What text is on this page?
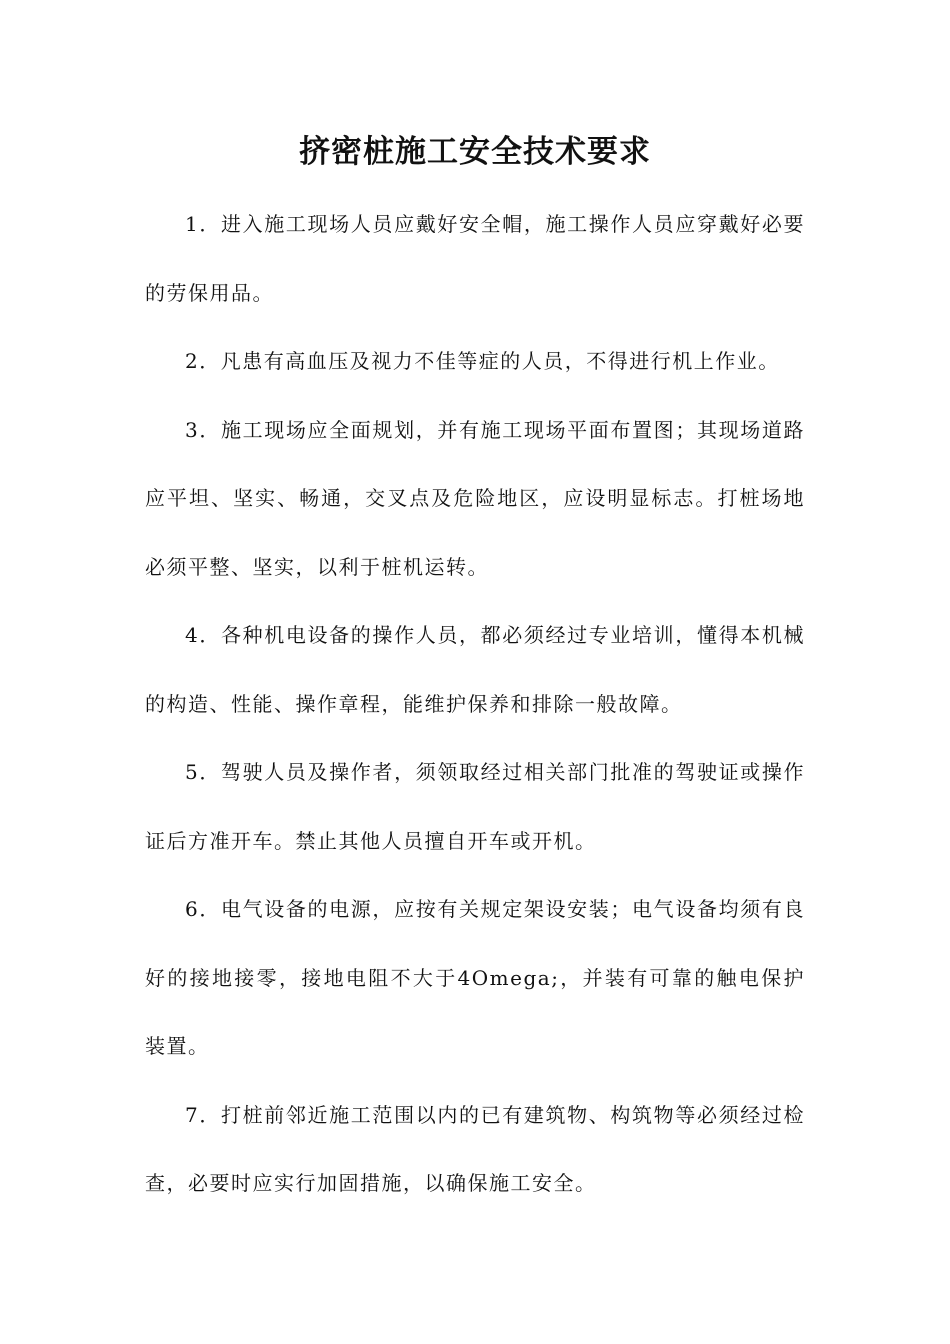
挤密桩施工安全技术要求

1．进入施工现场人员应戴好安全帽，施工操作人员应穿戴好必要的劳保用品。

2．凡患有高血压及视力不佳等症的人员，不得进行机上作业。

3．施工现场应全面规划，并有施工现场平面布置图；其现场道路应平坦、坚实、畅通，交叉点及危险地区，应设明显标志。打桩场地必须平整、坚实，以利于桩机运转。

4．各种机电设备的操作人员，都必须经过专业培训，懂得本机械的构造、性能、操作章程，能维护保养和排除一般故障。

5．驾驶人员及操作者，须领取经过相关部门批准的驾驶证或操作证后方准开车。禁止其他人员擅自开车或开机。

6．电气设备的电源，应按有关规定架设安装；电气设备均须有良好的接地接零，接地电阻不大于4Omega;，并装有可靠的触电保护装置。

7．打桩前邻近施工范围以内的已有建筑物、构筑物等必须经过检查，必要时应实行加固措施，以确保施工安全。
